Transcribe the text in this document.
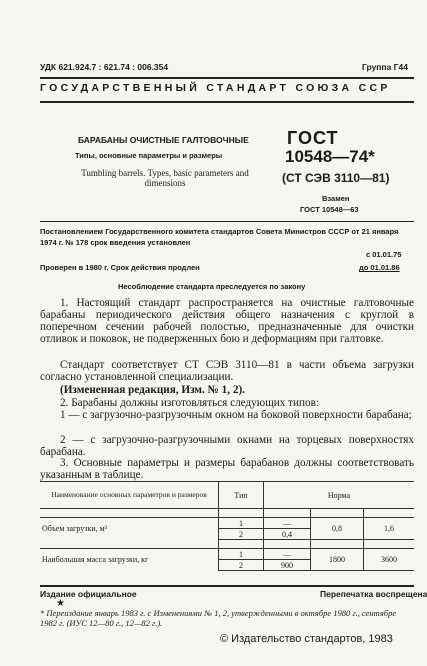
УДК 621.924.7 : 621.74 : 006.354	Группа Г44
ГОСУДАРСТВЕННЫЙ СТАНДАРТ СОЮЗА ССР
БАРАБАНЫ ОЧИСТНЫЕ ГАЛТОВОЧНЫЕ
Типы, основные параметры и размеры
Tumbling barrels. Types, basic parameters and dimensions
ГОСТ
10548—74*
(СТ СЭВ 3110—81)
Взамен
ГОСТ 10548—63
Постановлением Государственного комитета стандартов Совета Министров СССР от 21 января 1974 г. № 178 срок введения установлен
с 01.01.75
Проверен в 1980 г. Срок действия продлен	до 01.01.86
Несоблюдение стандарта преследуется по закону
1. Настоящий стандарт распространяется на очистные галтовочные барабаны периодического действия общего назначения с круглой в поперечном сечении рабочей полостью, предназначенные для очистки отливок и поковок, не подверженных бою и деформациям при галтовке.
Стандарт соответствует СТ СЭВ 3110—81 в части объема загрузки согласно установленной специализации.
(Измененная редакция, Изм. № 1, 2).
2. Барабаны должны изготовляться следующих типов:
1 — с загрузочно-разгрузочным окном на боковой поверхности барабана;
2 — с загрузочно-разгрузочными окнами на торцевых поверхностях барабана.
3. Основные параметры и размеры барабанов должны соответствовать указанным в таблице.
Наименование основных параметров и размеров	Тип	Норма		

Объем загрузки, м³	1	—	0,8	1,6
	2	0,4		

Наибольшая масса загрузки, кг	1	—	1800	3600
	2	900		
Издание официальное	Перепечатка воспрещена
★
* Переиздание январь 1983 г. с Изменениями № 1, 2, утвержденными в октябре 1980 г., сентябре 1982 г. (ИУС 12—80 г., 12—82 г.).
© Издательство стандартов, 1983
